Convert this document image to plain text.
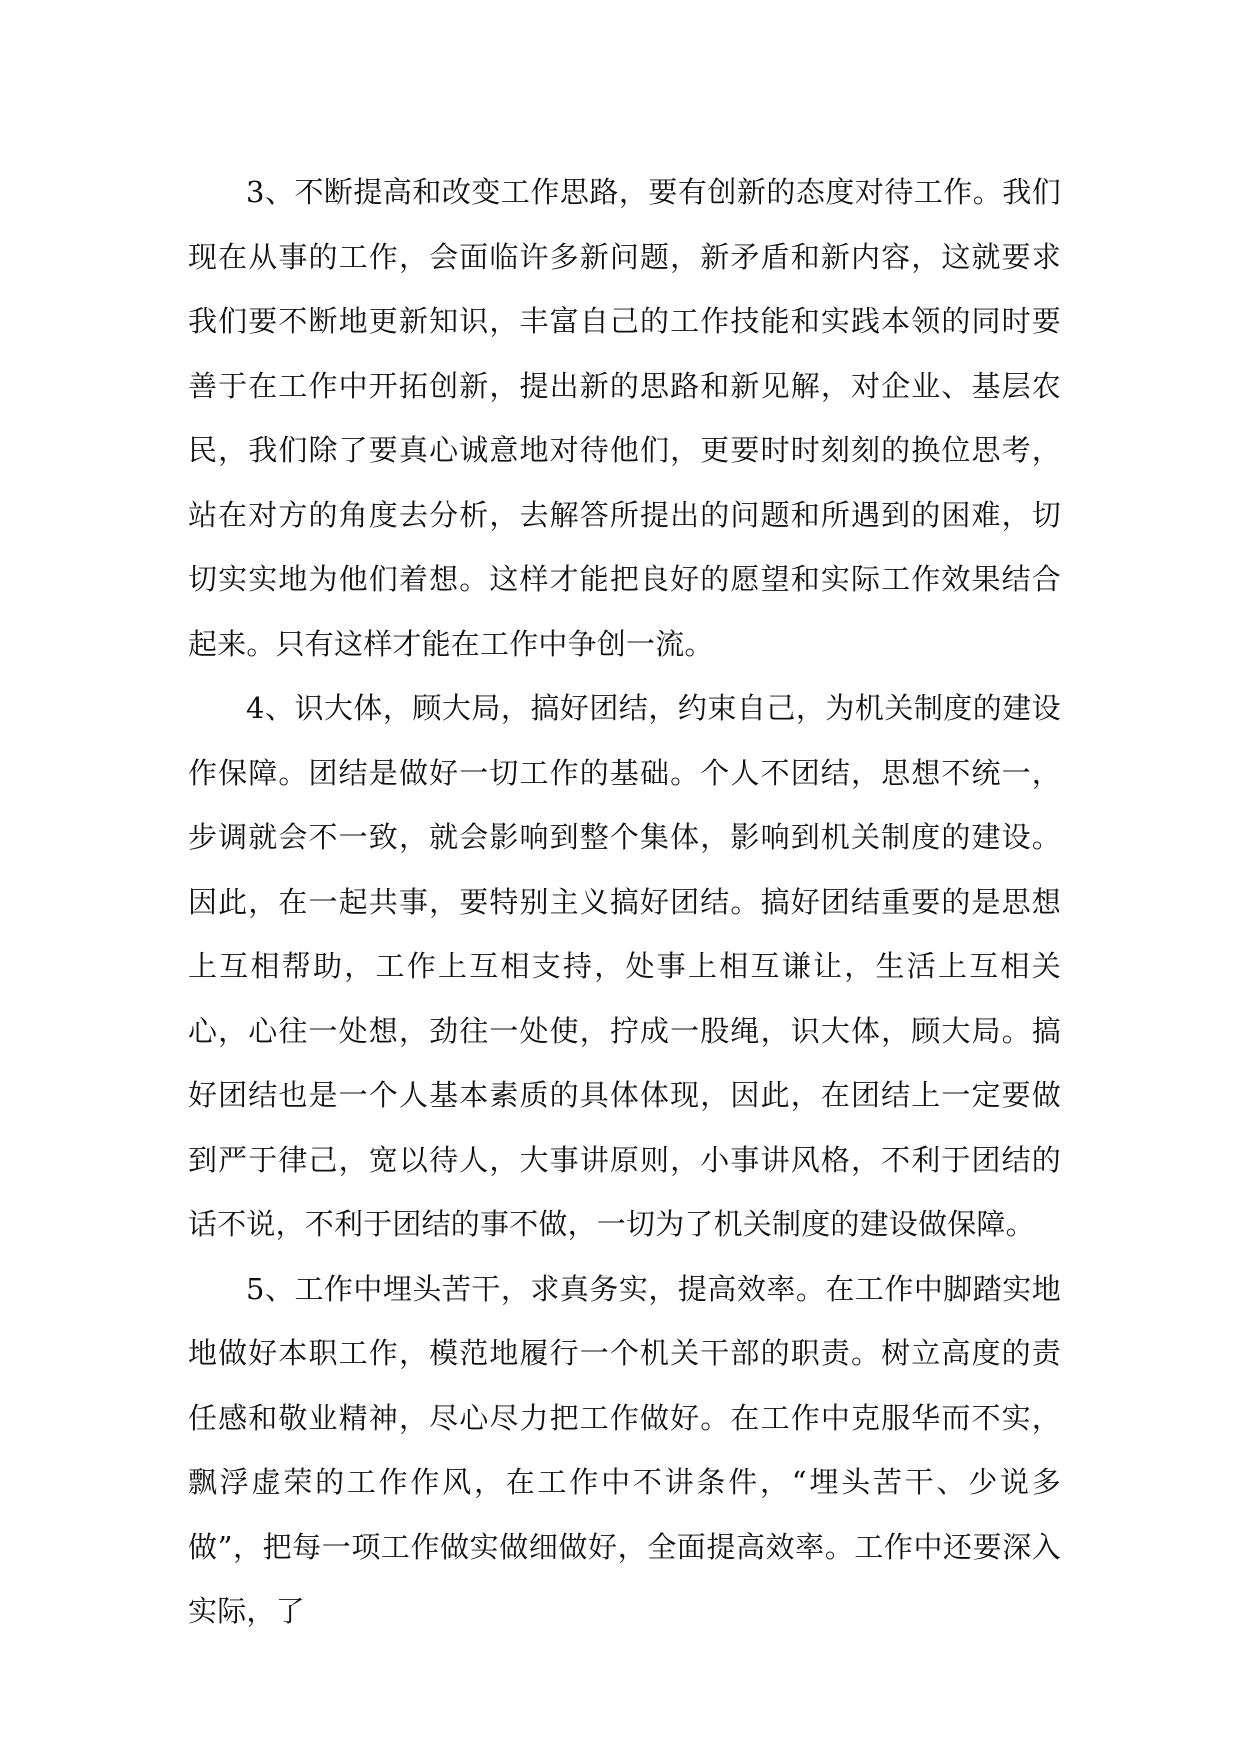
3、不断提高和改变工作思路，要有创新的态度对待工作。我们现在从事的工作，会面临许多新问题，新矛盾和新内容，这就要求我们要不断地更新知识，丰富自己的工作技能和实践本领的同时要善于在工作中开拓创新，提出新的思路和新见解，对企业、基层农民，我们除了要真心诚意地对待他们，更要时时刻刻的换位思考，站在对方的角度去分析，去解答所提出的问题和所遇到的困难，切切实实地为他们着想。这样才能把良好的愿望和实际工作效果结合起来。只有这样才能在工作中争创一流。

4、识大体，顾大局，搞好团结，约束自己，为机关制度的建设作保障。团结是做好一切工作的基础。个人不团结，思想不统一，步调就会不一致，就会影响到整个集体，影响到机关制度的建设。因此，在一起共事，要特别主义搞好团结。搞好团结重要的是思想上互相帮助，工作上互相支持，处事上相互谦让，生活上互相关心，心往一处想，劲往一处使，拧成一股绳，识大体，顾大局。搞好团结也是一个人基本素质的具体体现，因此，在团结上一定要做到严于律己，宽以待人，大事讲原则，小事讲风格，不利于团结的话不说，不利于团结的事不做，一切为了机关制度的建设做保障。

5、工作中埋头苦干，求真务实，提高效率。在工作中脚踏实地地做好本职工作，模范地履行一个机关干部的职责。树立高度的责任感和敬业精神，尽心尽力把工作做好。在工作中克服华而不实，飘浮虚荣的工作作风，在工作中不讲条件，“埋头苦干、少说多做”，把每一项工作做实做细做好，全面提高效率。工作中还要深入实际，了
